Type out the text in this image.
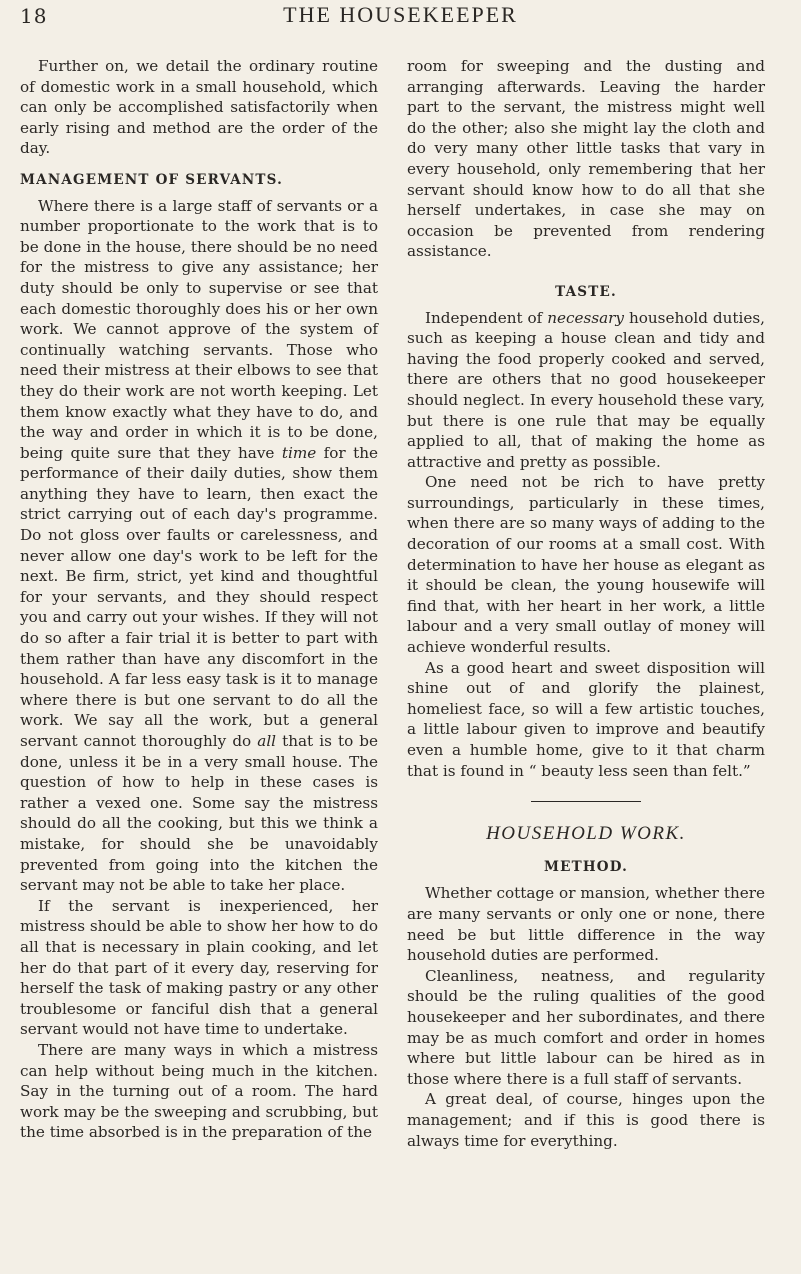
18	THE HOUSEKEEPER

Further on, we detail the ordinary routine of domestic work in a small household, which can only be accomplished satisfactorily when early rising and method are the order of the day.

MANAGEMENT OF SERVANTS.

Where there is a large staff of servants or a number proportionate to the work that is to be done in the house, there should be no need for the mistress to give any assistance; her duty should be only to supervise or see that each domestic thoroughly does his or her own work. We cannot approve of the system of continually watching servants. Those who need their mistress at their elbows to see that they do their work are not worth keeping. Let them know exactly what they have to do, and the way and order in which it is to be done, being quite sure that they have time for the performance of their daily duties, show them anything they have to learn, then exact the strict carrying out of each day's programme. Do not gloss over faults or carelessness, and never allow one day's work to be left for the next. Be firm, strict, yet kind and thoughtful for your servants, and they should respect you and carry out your wishes. If they will not do so after a fair trial it is better to part with them rather than have any discomfort in the household. A far less easy task is it to manage where there is but one servant to do all the work. We say all the work, but a general servant cannot thoroughly do all that is to be done, unless it be in a very small house. The question of how to help in these cases is rather a vexed one. Some say the mistress should do all the cooking, but this we think a mistake, for should she be unavoidably prevented from going into the kitchen the servant may not be able to take her place.

If the servant is inexperienced, her mistress should be able to show her how to do all that is necessary in plain cooking, and let her do that part of it every day, reserving for herself the task of making pastry or any other troublesome or fanciful dish that a general servant would not have time to undertake.

There are many ways in which a mistress can help without being much in the kitchen. Say in the turning out of a room. The hard work may be the sweeping and scrubbing, but the time absorbed is in the preparation of the

room for sweeping and the dusting and arranging afterwards. Leaving the harder part to the servant, the mistress might well do the other; also she might lay the cloth and do very many other little tasks that vary in every household, only remembering that her servant should know how to do all that she herself undertakes, in case she may on occasion be prevented from rendering assistance.

TASTE.

Independent of necessary household duties, such as keeping a house clean and tidy and having the food properly cooked and served, there are others that no good housekeeper should neglect. In every household these vary, but there is one rule that may be equally applied to all, that of making the home as attractive and pretty as possible.

One need not be rich to have pretty surroundings, particularly in these times, when there are so many ways of adding to the decoration of our rooms at a small cost. With determination to have her house as elegant as it should be clean, the young housewife will find that, with her heart in her work, a little labour and a very small outlay of money will achieve wonderful results.

As a good heart and sweet disposition will shine out of and glorify the plainest, homeliest face, so will a few artistic touches, a little labour given to improve and beautify even a humble home, give to it that charm that is found in “ beauty less seen than felt.”

HOUSEHOLD WORK.
METHOD.

Whether cottage or mansion, whether there are many servants or only one or none, there need be but little difference in the way household duties are performed.

Cleanliness, neatness, and regularity should be the ruling qualities of the good housekeeper and her subordinates, and there may be as much comfort and order in homes where but little labour can be hired as in those where there is a full staff of servants.

A great deal, of course, hinges upon the management; and if this is good there is always time for everything.
